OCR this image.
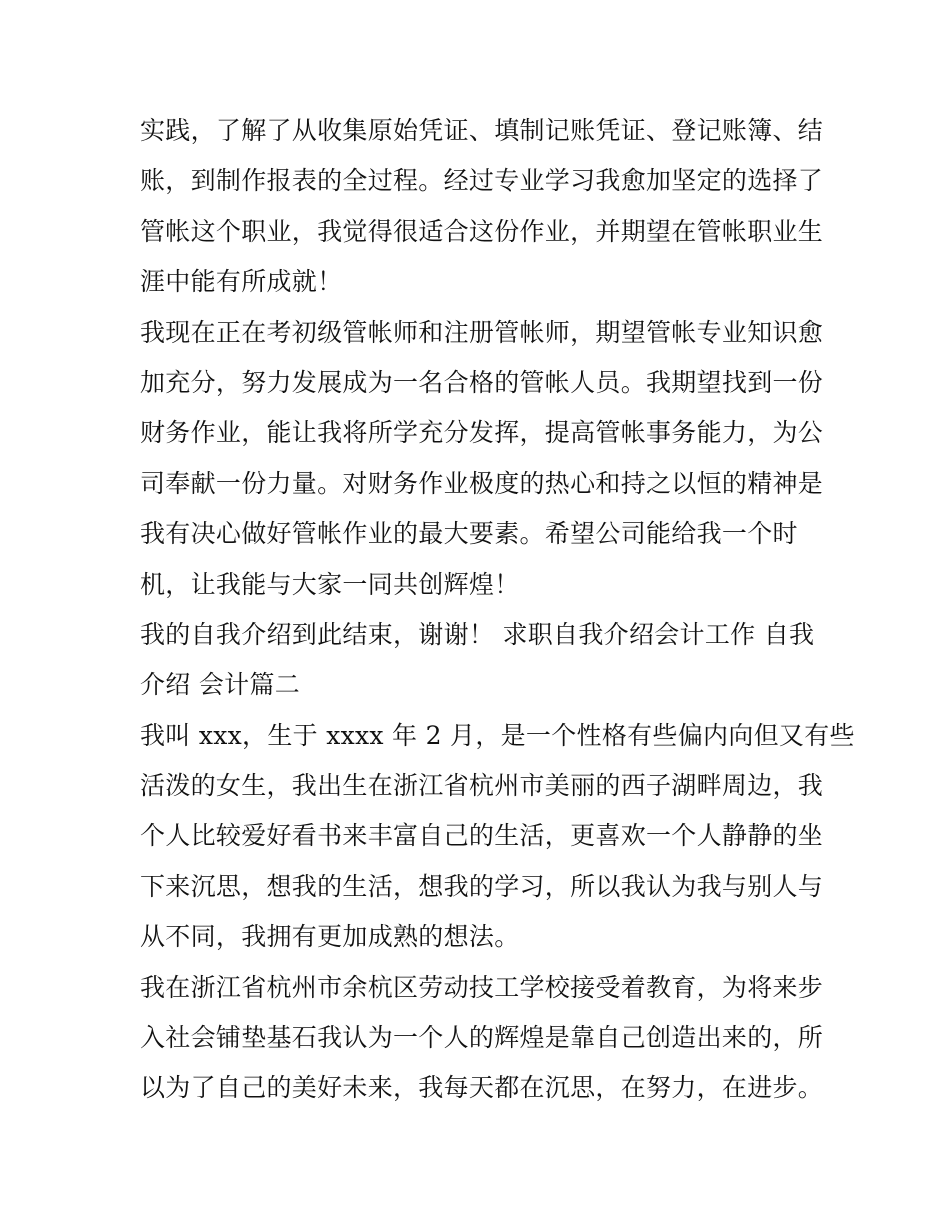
实践，了解了从收集原始凭证、填制记账凭证、登记账簿、结
账，到制作报表的全过程。经过专业学习我愈加坚定的选择了
管帐这个职业，我觉得很适合这份作业，并期望在管帐职业生
涯中能有所成就！
我现在正在考初级管帐师和注册管帐师，期望管帐专业知识愈
加充分，努力发展成为一名合格的管帐人员。我期望找到一份
财务作业，能让我将所学充分发挥，提高管帐事务能力，为公
司奉献一份力量。对财务作业极度的热心和持之以恒的精神是
我有决心做好管帐作业的最大要素。希望公司能给我一个时
机，让我能与大家一同共创辉煌！
我的自我介绍到此结束，谢谢！ 求职自我介绍会计工作 自我
介绍 会计篇二
我叫 xxx，生于 xxxx 年 2 月，是一个性格有些偏内向但又有些
活泼的女生，我出生在浙江省杭州市美丽的西子湖畔周边，我
个人比较爱好看书来丰富自己的生活，更喜欢一个人静静的坐
下来沉思，想我的生活，想我的学习，所以我认为我与别人与
从不同，我拥有更加成熟的想法。
我在浙江省杭州市余杭区劳动技工学校接受着教育，为将来步
入社会铺垫基石我认为一个人的辉煌是靠自己创造出来的，所
以为了自己的美好未来，我每天都在沉思，在努力，在进步。
